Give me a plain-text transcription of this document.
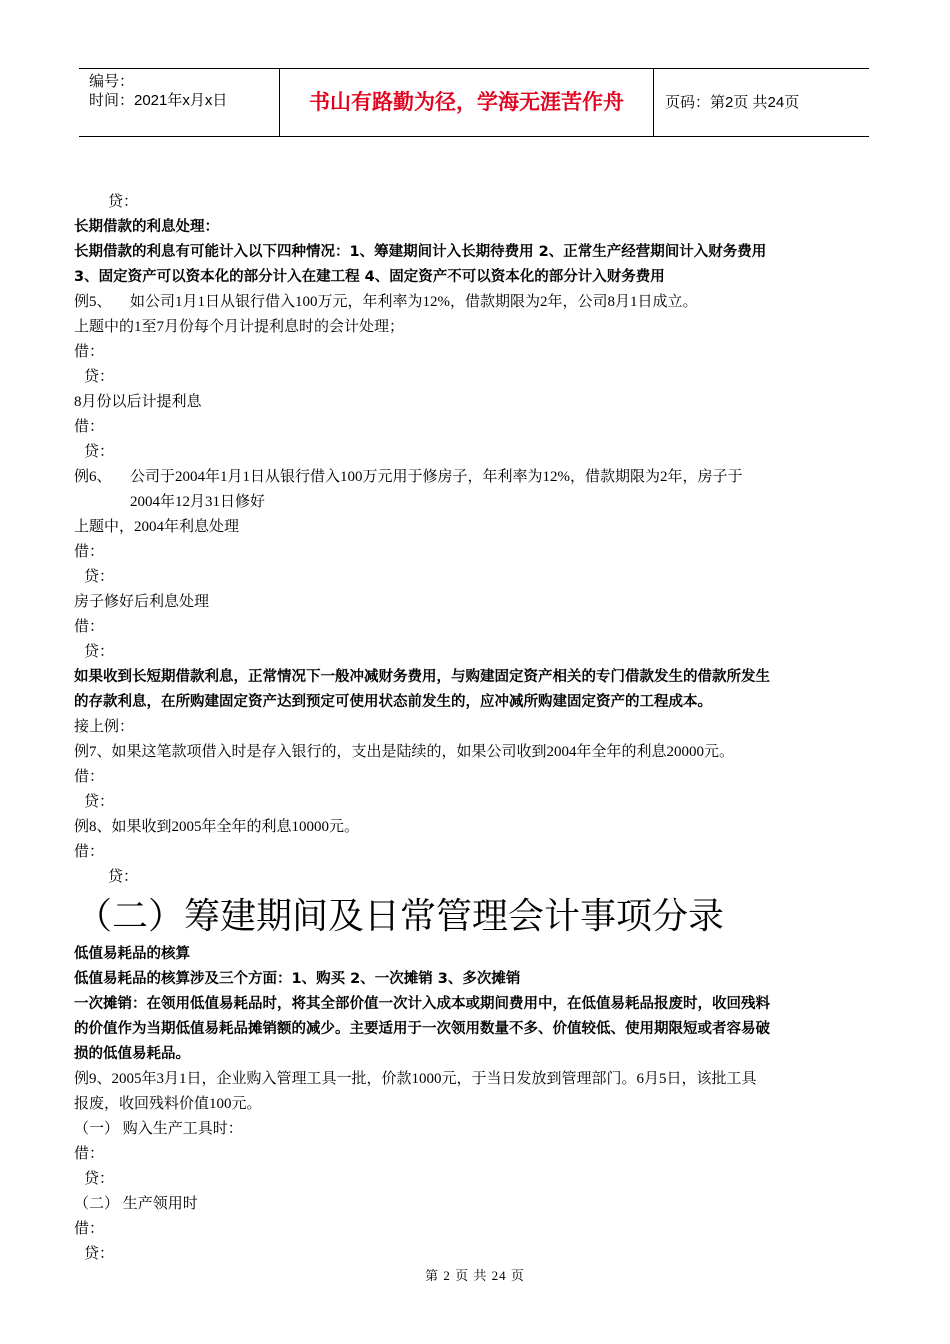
编号：
时间：2021年x月x日	书山有路勤为径，学海无涯苦作舟	页码：第2页 共24页
贷：
长期借款的利息处理：
长期借款的利息有可能计入以下四种情况：1、筹建期间计入长期待费用 2、正常生产经营期间计入财务费用
3、固定资产可以资本化的部分计入在建工程 4、固定资产不可以资本化的部分计入财务费用
例5、	如公司1月1日从银行借入100万元，年利率为12%，借款期限为2年，公司8月1日成立。
上题中的1至7月份每个月计提利息时的会计处理；
借：
贷：
8月份以后计提利息
借：
贷：
例6、	公司于2004年1月1日从银行借入100万元用于修房子，年利率为12%，借款期限为2年，房子于
2004年12月31日修好
上题中，2004年利息处理
借：
贷：
房子修好后利息处理
借：
贷：
如果收到长短期借款利息，正常情况下一般冲减财务费用，与购建固定资产相关的专门借款发生的借款所发生
的存款利息，在所购建固定资产达到预定可使用状态前发生的，应冲减所购建固定资产的工程成本。
接上例：
例7、如果这笔款项借入时是存入银行的，支出是陆续的，如果公司收到2004年全年的利息20000元。
借：
贷：
例8、如果收到2005年全年的利息10000元。
借：
贷：
（二）筹建期间及日常管理会计事项分录
低值易耗品的核算
低值易耗品的核算涉及三个方面：1、购买 2、一次摊销 3、多次摊销
一次摊销：在领用低值易耗品时，将其全部价值一次计入成本或期间费用中，在低值易耗品报废时，收回残料
的价值作为当期低值易耗品摊销额的减少。主要适用于一次领用数量不多、价值较低、使用期限短或者容易破
损的低值易耗品。
例9、2005年3月1日，企业购入管理工具一批，价款1000元，于当日发放到管理部门。6月5日，该批工具
报废，收回残料价值100元。
（一） 购入生产工具时：
借：
贷：
（二） 生产领用时
借：
贷：
第 2 页 共 24 页
